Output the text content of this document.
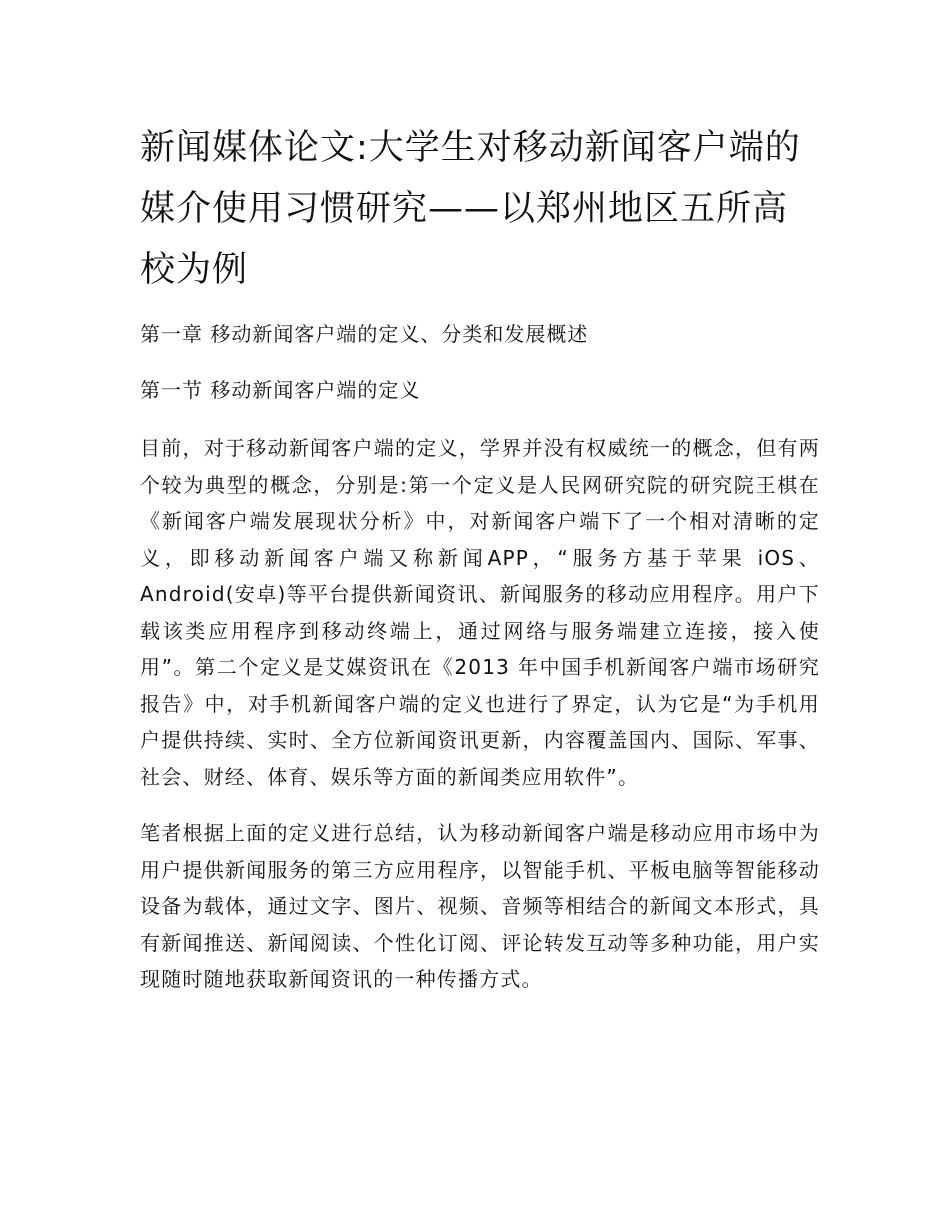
新闻媒体论文:大学生对移动新闻客户端的媒介使用习惯研究——以郑州地区五所高校为例

第一章 移动新闻客户端的定义、分类和发展概述

第一节 移动新闻客户端的定义

目前，对于移动新闻客户端的定义，学界并没有权威统一的概念，但有两个较为典型的概念，分别是:第一个定义是人民网研究院的研究院王棋在《新闻客户端发展现状分析》中，对新闻客户端下了一个相对清晰的定义，即移动新闻客户端又称新闻APP，“服务方基于苹果 iOS、Android(安卓)等平台提供新闻资讯、新闻服务的移动应用程序。用户下载该类应用程序到移动终端上，通过网络与服务端建立连接，接入使用”。第二个定义是艾媒资讯在《2013 年中国手机新闻客户端市场研究报告》中，对手机新闻客户端的定义也进行了界定，认为它是“为手机用户提供持续、实时、全方位新闻资讯更新，内容覆盖国内、国际、军事、社会、财经、体育、娱乐等方面的新闻类应用软件”。

笔者根据上面的定义进行总结，认为移动新闻客户端是移动应用市场中为用户提供新闻服务的第三方应用程序，以智能手机、平板电脑等智能移动设备为载体，通过文字、图片、视频、音频等相结合的新闻文本形式，具有新闻推送、新闻阅读、个性化订阅、评论转发互动等多种功能，用户实现随时随地获取新闻资讯的一种传播方式。
